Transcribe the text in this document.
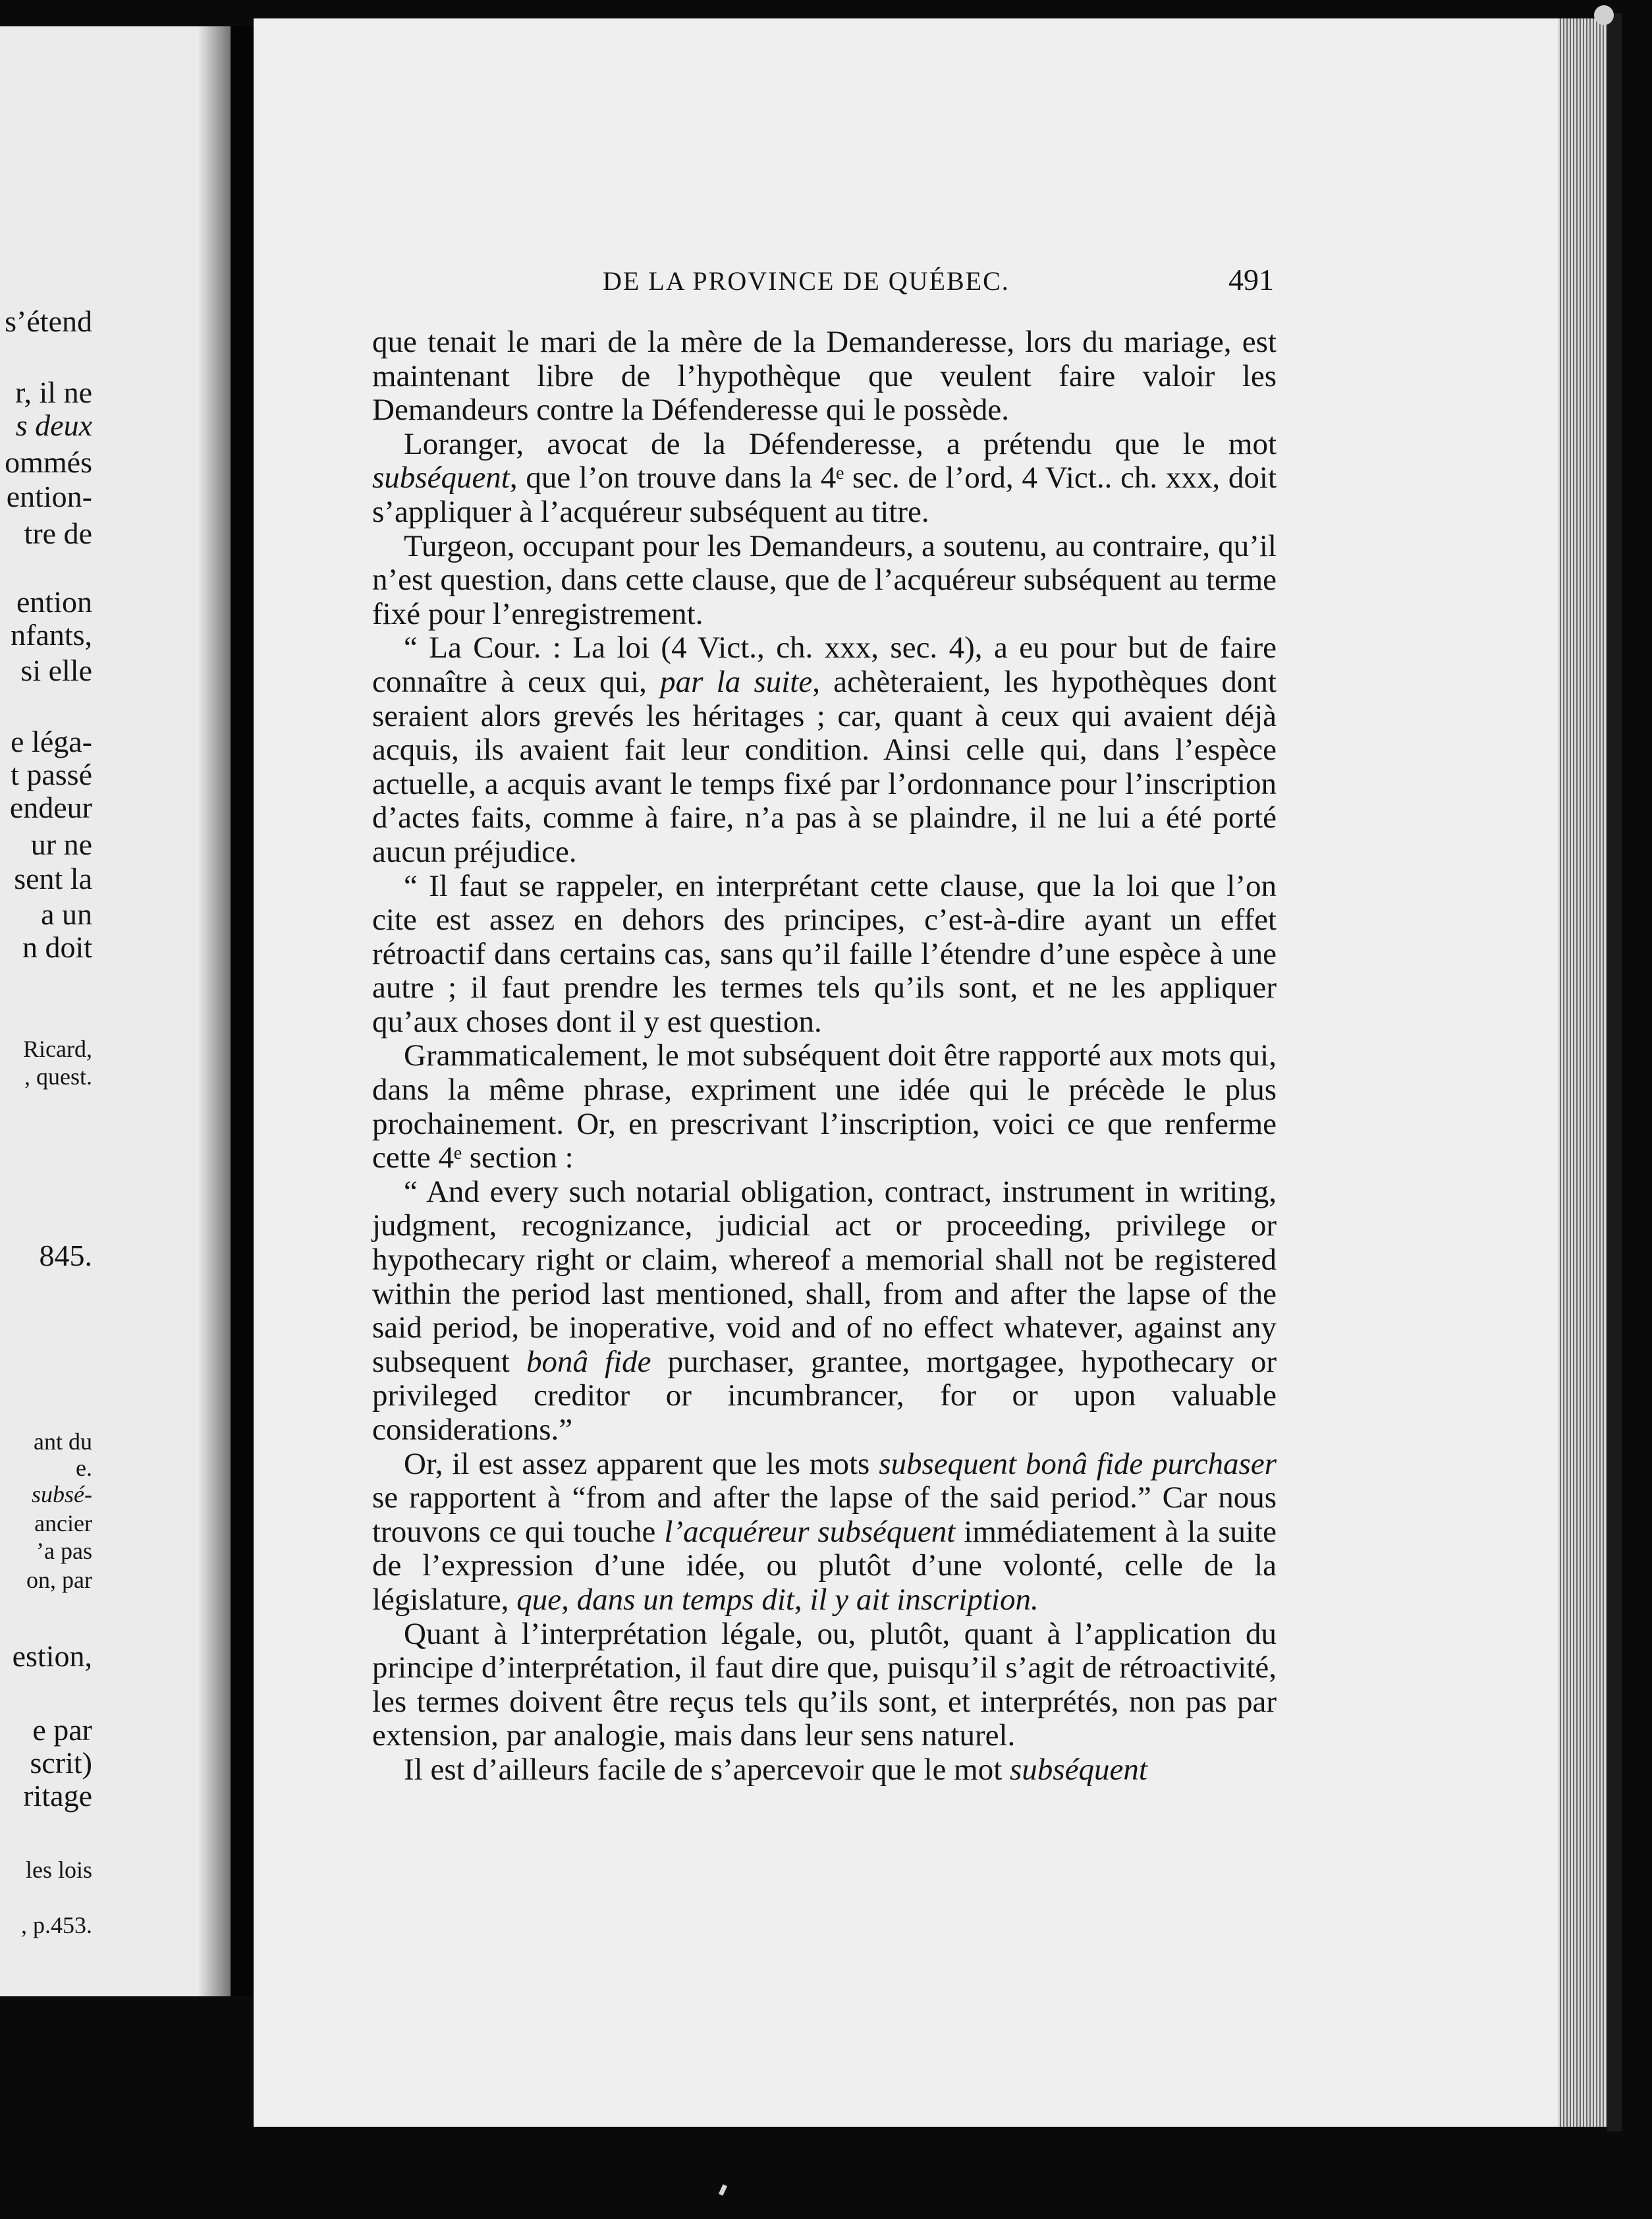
s’étend
r, il ne
s deux
ommés
ention-
tre de
ention
nfants,
si elle
e léga-
t passé
endeur
ur ne
sent la
a un
n doit
Ricard,
, quest.
845.
ant du
e.
subsé-
ancier
’a pas
on, par
estion,
e par
scrit)
ritage
les lois
, p.453.
DE LA PROVINCE DE QUÉBEC.	491

que tenait le mari de la mère de la Demanderesse, lors du mariage, est maintenant libre de l’hypothèque que veulent faire valoir les Demandeurs contre la Défenderesse qui le possède.

Loranger, avocat de la Défenderesse, a prétendu que le mot subséquent, que l’on trouve dans la 4ᵉ sec. de l’ord, 4 Vict.. ch. xxx, doit s’appliquer à l’acquéreur subséquent au titre.

Turgeon, occupant pour les Demandeurs, a soutenu, au contraire, qu’il n’est question, dans cette clause, que de l’acquéreur subséquent au terme fixé pour l’enregistrement.

“ La Cour. : La loi (4 Vict., ch. xxx, sec. 4), a eu pour but de faire connaître à ceux qui, par la suite, achèteraient, les hypothèques dont seraient alors grevés les héritages ; car, quant à ceux qui avaient déjà acquis, ils avaient fait leur condition. Ainsi celle qui, dans l’espèce actuelle, a acquis avant le temps fixé par l’ordonnance pour l’inscription d’actes faits, comme à faire, n’a pas à se plaindre, il ne lui a été porté aucun préjudice.

“ Il faut se rappeler, en interprétant cette clause, que la loi que l’on cite est assez en dehors des principes, c’est-à-dire ayant un effet rétroactif dans certains cas, sans qu’il faille l’étendre d’une espèce à une autre ; il faut prendre les termes tels qu’ils sont, et ne les appliquer qu’aux choses dont il y est question.

Grammaticalement, le mot subséquent doit être rapporté aux mots qui, dans la même phrase, expriment une idée qui le précède le plus prochainement. Or, en prescrivant l’inscription, voici ce que renferme cette 4ᵉ section :

“ And every such notarial obligation, contract, instrument in writing, judgment, recognizance, judicial act or proceeding, privilege or hypothecary right or claim, whereof a memorial shall not be registered within the period last mentioned, shall, from and after the lapse of the said period, be inoperative, void and of no effect whatever, against any subsequent bonâ fide purchaser, grantee, mortgagee, hypothecary or privileged creditor or incumbrancer, for or upon valuable considerations.”

Or, il est assez apparent que les mots subsequent bonâ fide purchaser se rapportent à “from and after the lapse of the said period.” Car nous trouvons ce qui touche l’acquéreur subséquent immédiatement à la suite de l’expression d’une idée, ou plutôt d’une volonté, celle de la législature, que, dans un temps dit, il y ait inscription.

Quant à l’interprétation légale, ou, plutôt, quant à l’application du principe d’interprétation, il faut dire que, puisqu’il s’agit de rétroactivité, les termes doivent être reçus tels qu’ils sont, et interprétés, non pas par extension, par analogie, mais dans leur sens naturel.

Il est d’ailleurs facile de s’apercevoir que le mot subséquent
